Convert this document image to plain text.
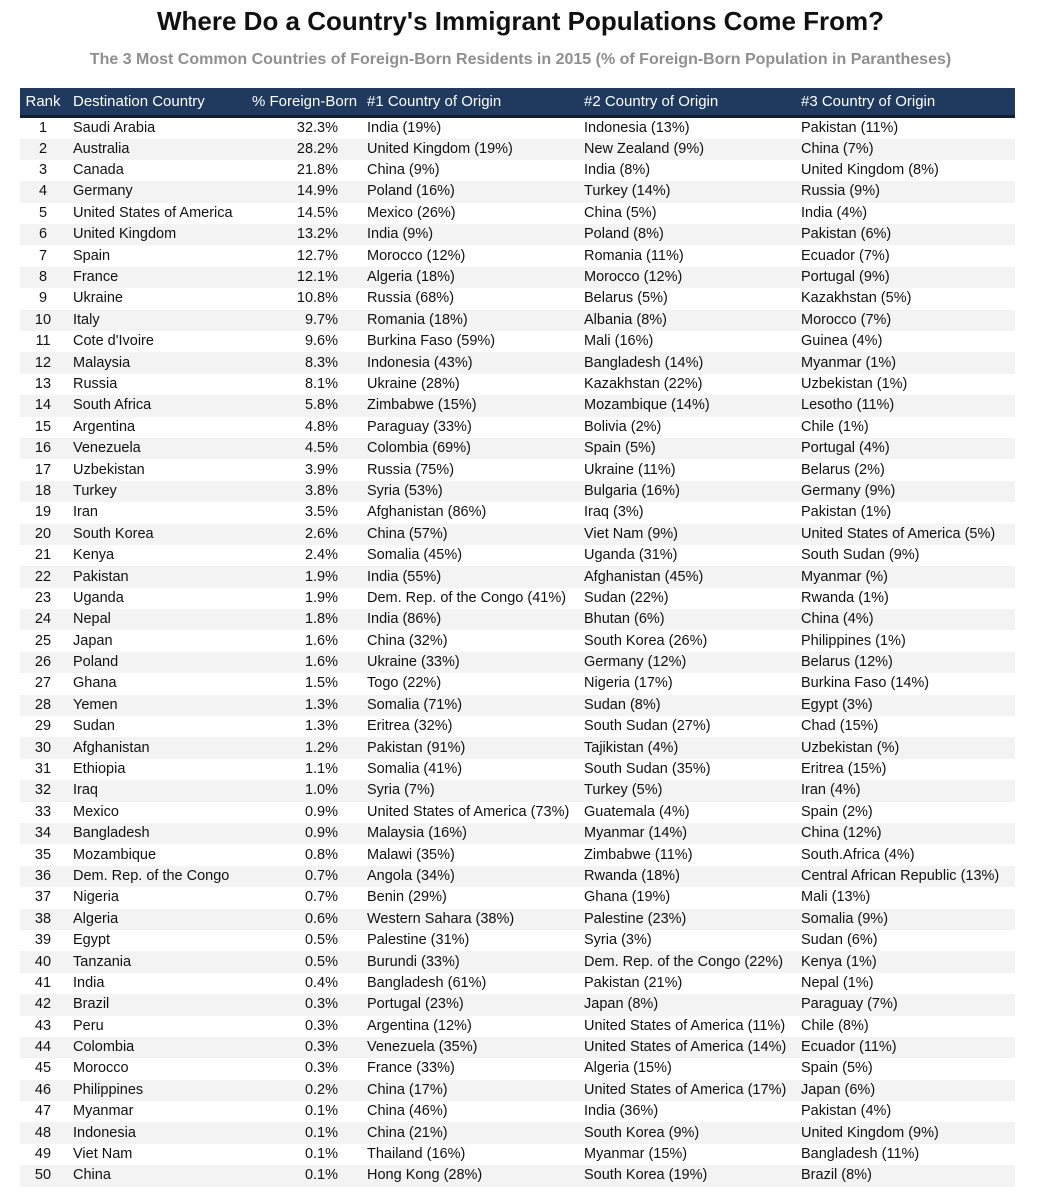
Where Do a Country's Immigrant Populations Come From?
The 3 Most Common Countries of Foreign-Born Residents in 2015 (% of Foreign-Born Population in Parantheses)
Rank	Destination Country	% Foreign-Born	#1 Country of Origin	#2 Country of Origin	#3 Country of Origin
1	Saudi Arabia	32.3%	India (19%)	Indonesia (13%)	Pakistan (11%)
2	Australia	28.2%	United Kingdom (19%)	New Zealand (9%)	China (7%)
3	Canada	21.8%	China (9%)	India (8%)	United Kingdom (8%)
4	Germany	14.9%	Poland (16%)	Turkey (14%)	Russia (9%)
5	United States of America	14.5%	Mexico (26%)	China (5%)	India (4%)
6	United Kingdom	13.2%	India (9%)	Poland (8%)	Pakistan (6%)
7	Spain	12.7%	Morocco (12%)	Romania (11%)	Ecuador (7%)
8	France	12.1%	Algeria (18%)	Morocco (12%)	Portugal (9%)
9	Ukraine	10.8%	Russia (68%)	Belarus (5%)	Kazakhstan (5%)
10	Italy	9.7%	Romania (18%)	Albania (8%)	Morocco (7%)
11	Cote d'Ivoire	9.6%	Burkina Faso (59%)	Mali (16%)	Guinea (4%)
12	Malaysia	8.3%	Indonesia (43%)	Bangladesh (14%)	Myanmar (1%)
13	Russia	8.1%	Ukraine (28%)	Kazakhstan (22%)	Uzbekistan (1%)
14	South Africa	5.8%	Zimbabwe (15%)	Mozambique (14%)	Lesotho (11%)
15	Argentina	4.8%	Paraguay (33%)	Bolivia (2%)	Chile (1%)
16	Venezuela	4.5%	Colombia (69%)	Spain (5%)	Portugal (4%)
17	Uzbekistan	3.9%	Russia (75%)	Ukraine (11%)	Belarus (2%)
18	Turkey	3.8%	Syria (53%)	Bulgaria (16%)	Germany (9%)
19	Iran	3.5%	Afghanistan (86%)	Iraq (3%)	Pakistan (1%)
20	South Korea	2.6%	China (57%)	Viet Nam (9%)	United States of America (5%)
21	Kenya	2.4%	Somalia (45%)	Uganda (31%)	South Sudan (9%)
22	Pakistan	1.9%	India (55%)	Afghanistan (45%)	Myanmar (%)
23	Uganda	1.9%	Dem. Rep. of the Congo (41%)	Sudan (22%)	Rwanda (1%)
24	Nepal	1.8%	India (86%)	Bhutan (6%)	China (4%)
25	Japan	1.6%	China (32%)	South Korea (26%)	Philippines (1%)
26	Poland	1.6%	Ukraine (33%)	Germany (12%)	Belarus (12%)
27	Ghana	1.5%	Togo (22%)	Nigeria (17%)	Burkina Faso (14%)
28	Yemen	1.3%	Somalia (71%)	Sudan (8%)	Egypt (3%)
29	Sudan	1.3%	Eritrea (32%)	South Sudan (27%)	Chad (15%)
30	Afghanistan	1.2%	Pakistan (91%)	Tajikistan (4%)	Uzbekistan (%)
31	Ethiopia	1.1%	Somalia (41%)	South Sudan (35%)	Eritrea (15%)
32	Iraq	1.0%	Syria (7%)	Turkey (5%)	Iran (4%)
33	Mexico	0.9%	United States of America (73%)	Guatemala (4%)	Spain (2%)
34	Bangladesh	0.9%	Malaysia (16%)	Myanmar (14%)	China (12%)
35	Mozambique	0.8%	Malawi (35%)	Zimbabwe (11%)	South.Africa (4%)
36	Dem. Rep. of the Congo	0.7%	Angola (34%)	Rwanda (18%)	Central African Republic (13%)
37	Nigeria	0.7%	Benin (29%)	Ghana (19%)	Mali (13%)
38	Algeria	0.6%	Western Sahara (38%)	Palestine (23%)	Somalia (9%)
39	Egypt	0.5%	Palestine (31%)	Syria (3%)	Sudan (6%)
40	Tanzania	0.5%	Burundi (33%)	Dem. Rep. of the Congo (22%)	Kenya (1%)
41	India	0.4%	Bangladesh (61%)	Pakistan (21%)	Nepal (1%)
42	Brazil	0.3%	Portugal (23%)	Japan (8%)	Paraguay (7%)
43	Peru	0.3%	Argentina (12%)	United States of America (11%)	Chile (8%)
44	Colombia	0.3%	Venezuela (35%)	United States of America (14%)	Ecuador (11%)
45	Morocco	0.3%	France (33%)	Algeria (15%)	Spain (5%)
46	Philippines	0.2%	China (17%)	United States of America (17%)	Japan (6%)
47	Myanmar	0.1%	China (46%)	India (36%)	Pakistan (4%)
48	Indonesia	0.1%	China (21%)	South Korea (9%)	United Kingdom (9%)
49	Viet Nam	0.1%	Thailand (16%)	Myanmar (15%)	Bangladesh (11%)
50	China	0.1%	Hong Kong (28%)	South Korea (19%)	Brazil (8%)
